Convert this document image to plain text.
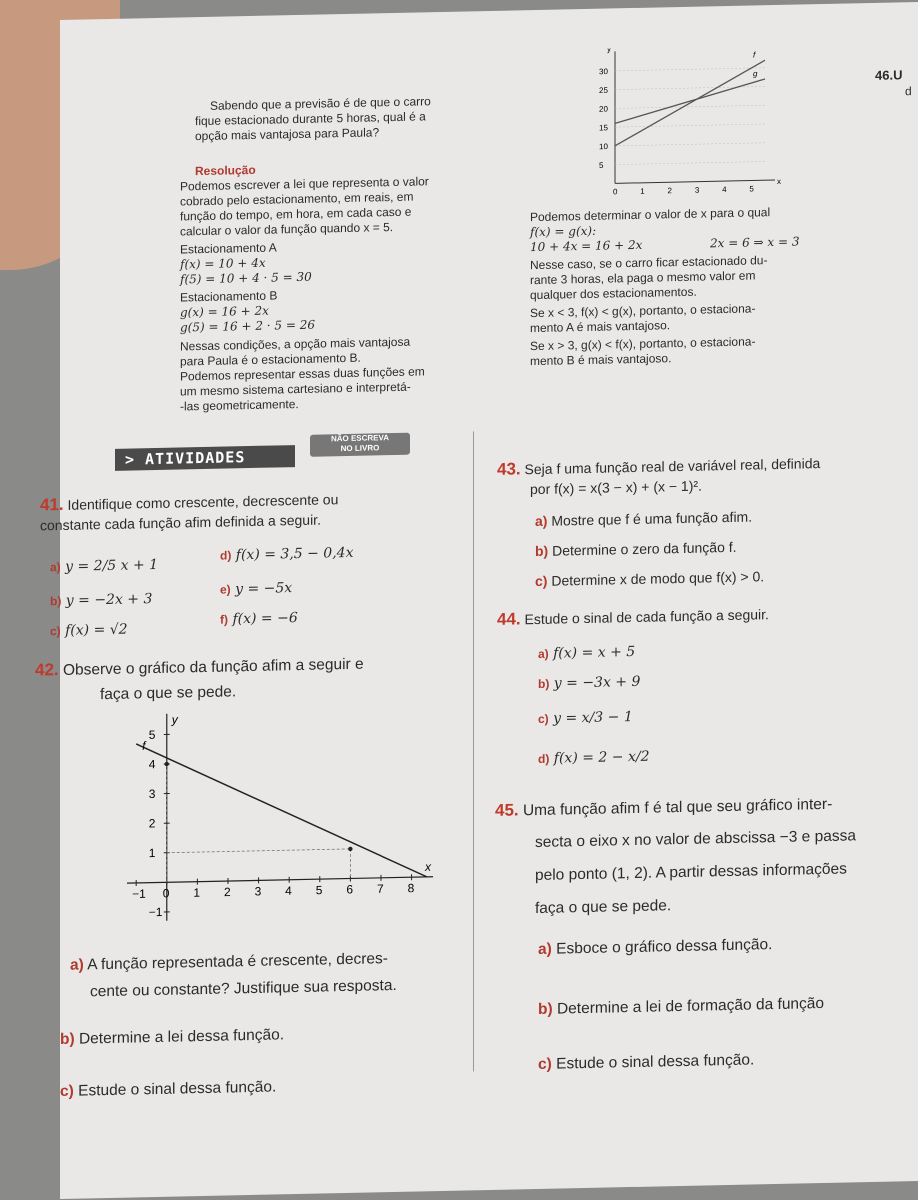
Sabendo que a previsão é de que o carro
fique estacionado durante 5 horas, qual é a
opção mais vantajosa para Paula?
Resolução
Podemos escrever a lei que representa o valor
cobrado pelo estacionamento, em reais, em
função do tempo, em hora, em cada caso e
calcular o valor da função quando x = 5.
Estacionamento A
f(x) = 10 + 4x
f(5) = 10 + 4 · 5 = 30
Estacionamento B
g(x) = 16 + 2x
g(5) = 16 + 2 · 5 = 26
Nessas condições, a opção mais vantajosa
para Paula é o estacionamento B.
Podemos representar essas duas funções em
um mesmo sistema cartesiano e interpretá-
-las geometricamente.
x
y
30
25
20
15
10
5
0	1	2	3	4	5
f
g	46.U
d
Podemos determinar o valor de x para o qual
f(x) = g(x):
10 + 4x = 16 + 2x	2x = 6 ⇒ x = 3
Nesse caso, se o carro ficar estacionado du-
rante 3 horas, ela paga o mesmo valor em
qualquer dos estacionamentos.
Se x < 3, f(x) < g(x), portanto, o estaciona-
mento A é mais vantajoso.
Se x > 3, g(x) < f(x), portanto, o estaciona-
mento B é mais vantajoso.
> ATIVIDADES
NÃO ESCREVA
NO LIVRO
41. Identifique como crescente, decrescente ou
constante cada função afim definida a seguir.
a) y = 2/5 x + 1
b) y = −2x + 3
c) f(x) = √2
d) f(x) = 3,5 − 0,4x
e) y = −5x
f) f(x) = −6
42. Observe o gráfico da função afim a seguir e
faça o que se pede.
x
y
−1 0 1 2 3 4 5 6 7 8
5
4
3
2
1
−1
f
a) A função representada é crescente, decres-
cente ou constante? Justifique sua resposta.
b) Determine a lei dessa função.
c) Estude o sinal dessa função.
43. Seja f uma função real de variável real, definida
por f(x) = x(3 − x) + (x − 1)².
a) Mostre que f é uma função afim.
b) Determine o zero da função f.
c) Determine x de modo que f(x) > 0.
44. Estude o sinal de cada função a seguir.
a) f(x) = x + 5
b) y = −3x + 9
c) y = x/3 − 1
d) f(x) = 2 − x/2
45. Uma função afim f é tal que seu gráfico inter-
secta o eixo x no valor de abscissa −3 e passa
pelo ponto (1, 2). A partir dessas informações
faça o que se pede.
a) Esboce o gráfico dessa função.
b) Determine a lei de formação da função
c) Estude o sinal dessa função.
